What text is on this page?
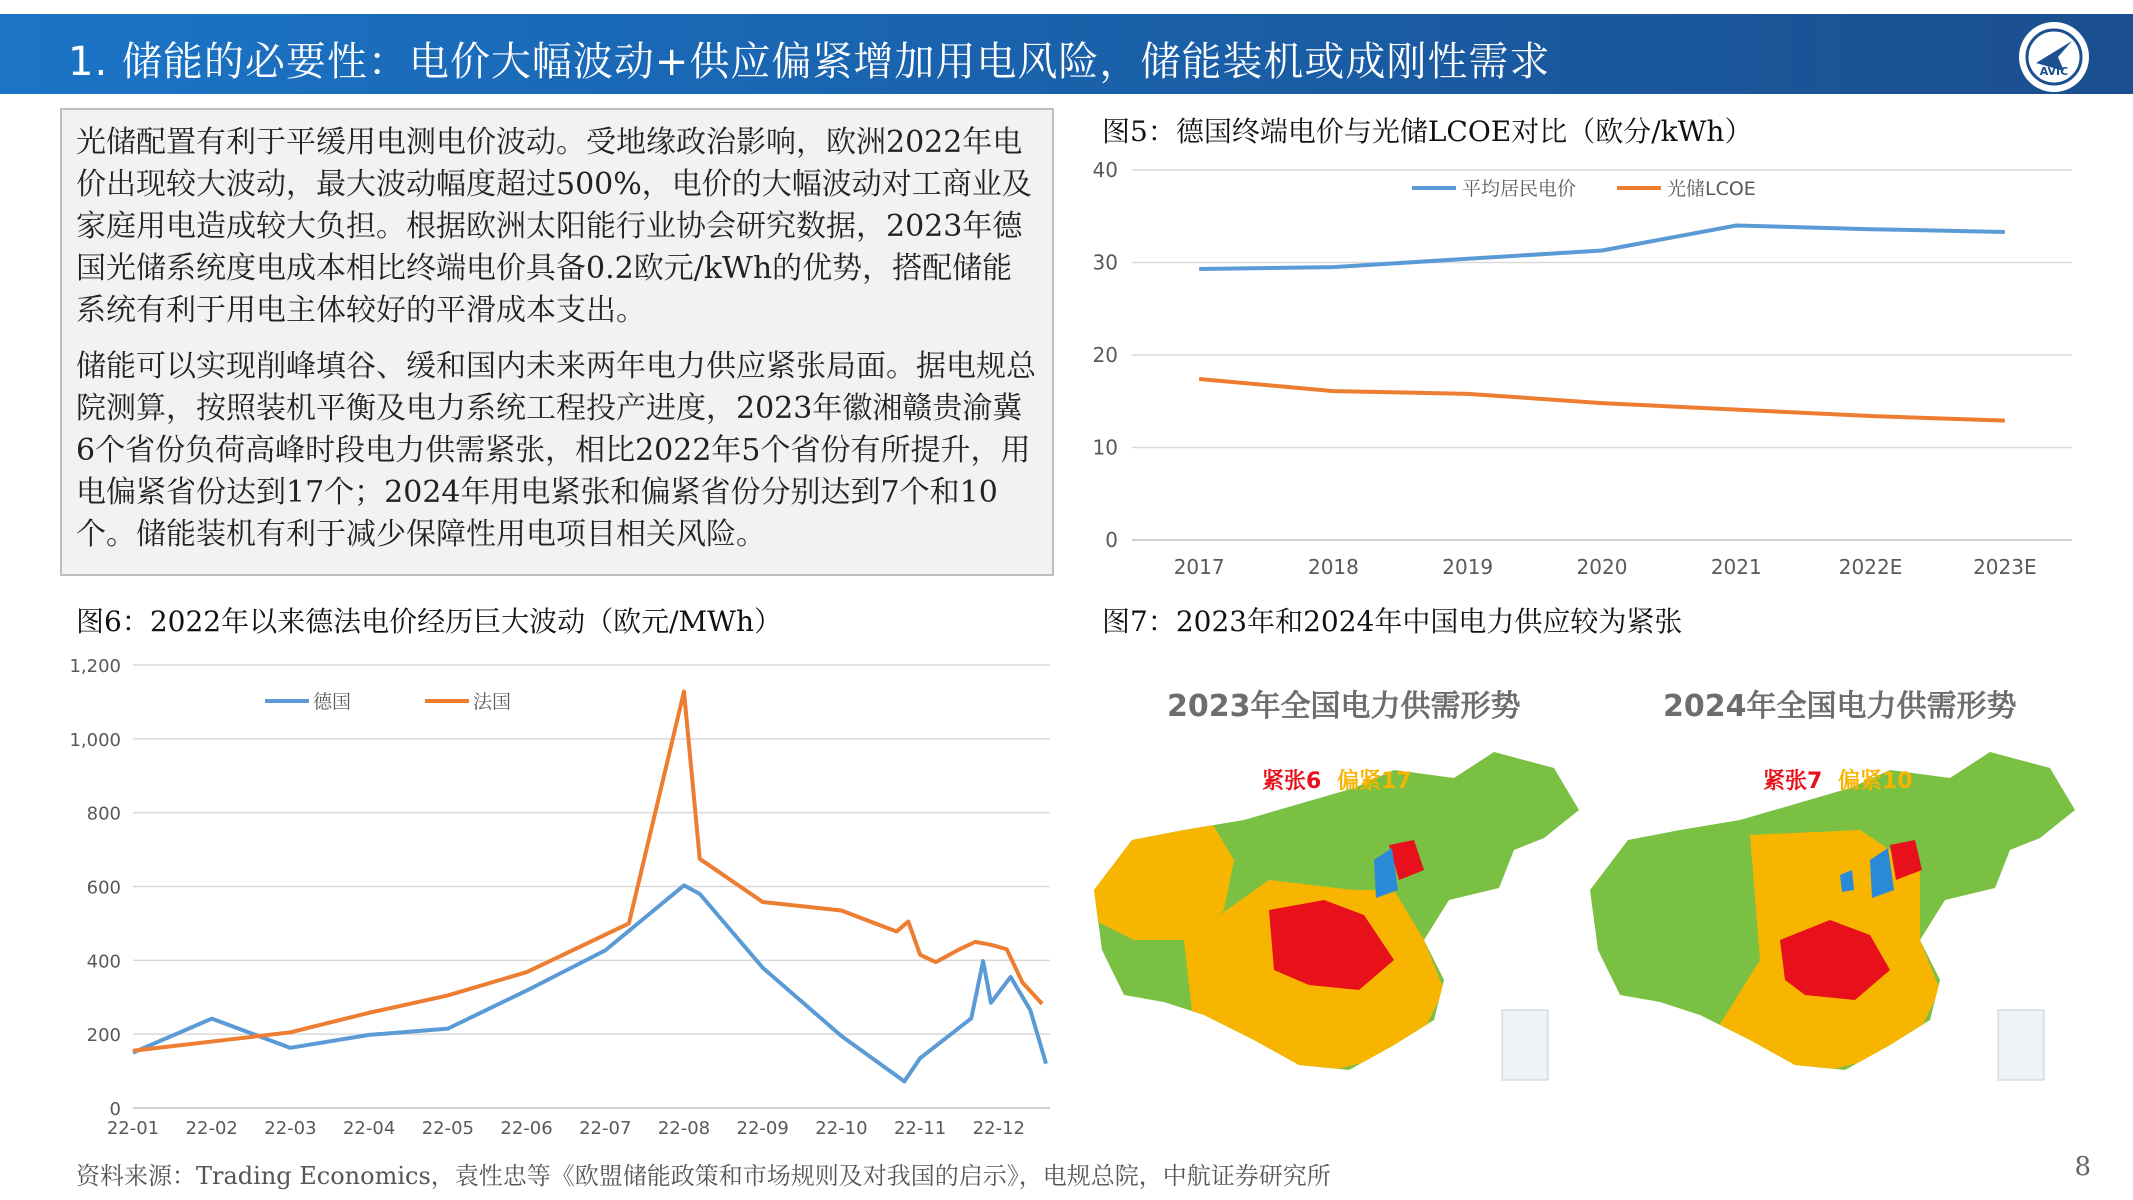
1. 储能的必要性：电价大幅波动+供应偏紧增加用电风险，储能装机或成刚性需求	AVIC

光储配置有利于平缓用电测电价波动。受地缘政治影响，欧洲2022年电价出现较大波动，最大波动幅度超过500%，电价的大幅波动对工商业及家庭用电造成较大负担。根据欧洲太阳能行业协会研究数据，2023年德国光储系统度电成本相比终端电价具备0.2欧元/kWh的优势，搭配储能系统有利于用电主体较好的平滑成本支出。

储能可以实现削峰填谷、缓和国内未来两年电力供应紧张局面。据电规总院测算，按照装机平衡及电力系统工程投产进度，2023年徽湘赣贵渝冀6个省份负荷高峰时段电力供需紧张，相比2022年5个省份有所提升，用电偏紧省份达到17个；2024年用电紧张和偏紧省份分别达到7个和10个。储能装机有利于减少保障性用电项目相关风险。

图5：德国终端电价与光储LCOE对比（欧分/kWh）
0
10
20
30
40
2017	2018	2019	2020	2021	2022E	2023E
平均居民电价	光储LCOE
图6：2022年以来德法电价经历巨大波动（欧元/MWh）
0
200
400
600
800
1,000
1,200
22-01 22-02 22-03 22-04 22-05 22-06 22-07 22-08 22-09 22-10 22-11 22-12
德国	法国
图7：2023年和2024年中国电力供应较为紧张
2023年全国电力供需形势
紧张6 偏紧17
2024年全国电力供需形势
紧张7 偏紧10
资料来源：Trading Economics，袁性忠等《欧盟储能政策和市场规则及对我国的启示》，电规总院，中航证券研究所	8
